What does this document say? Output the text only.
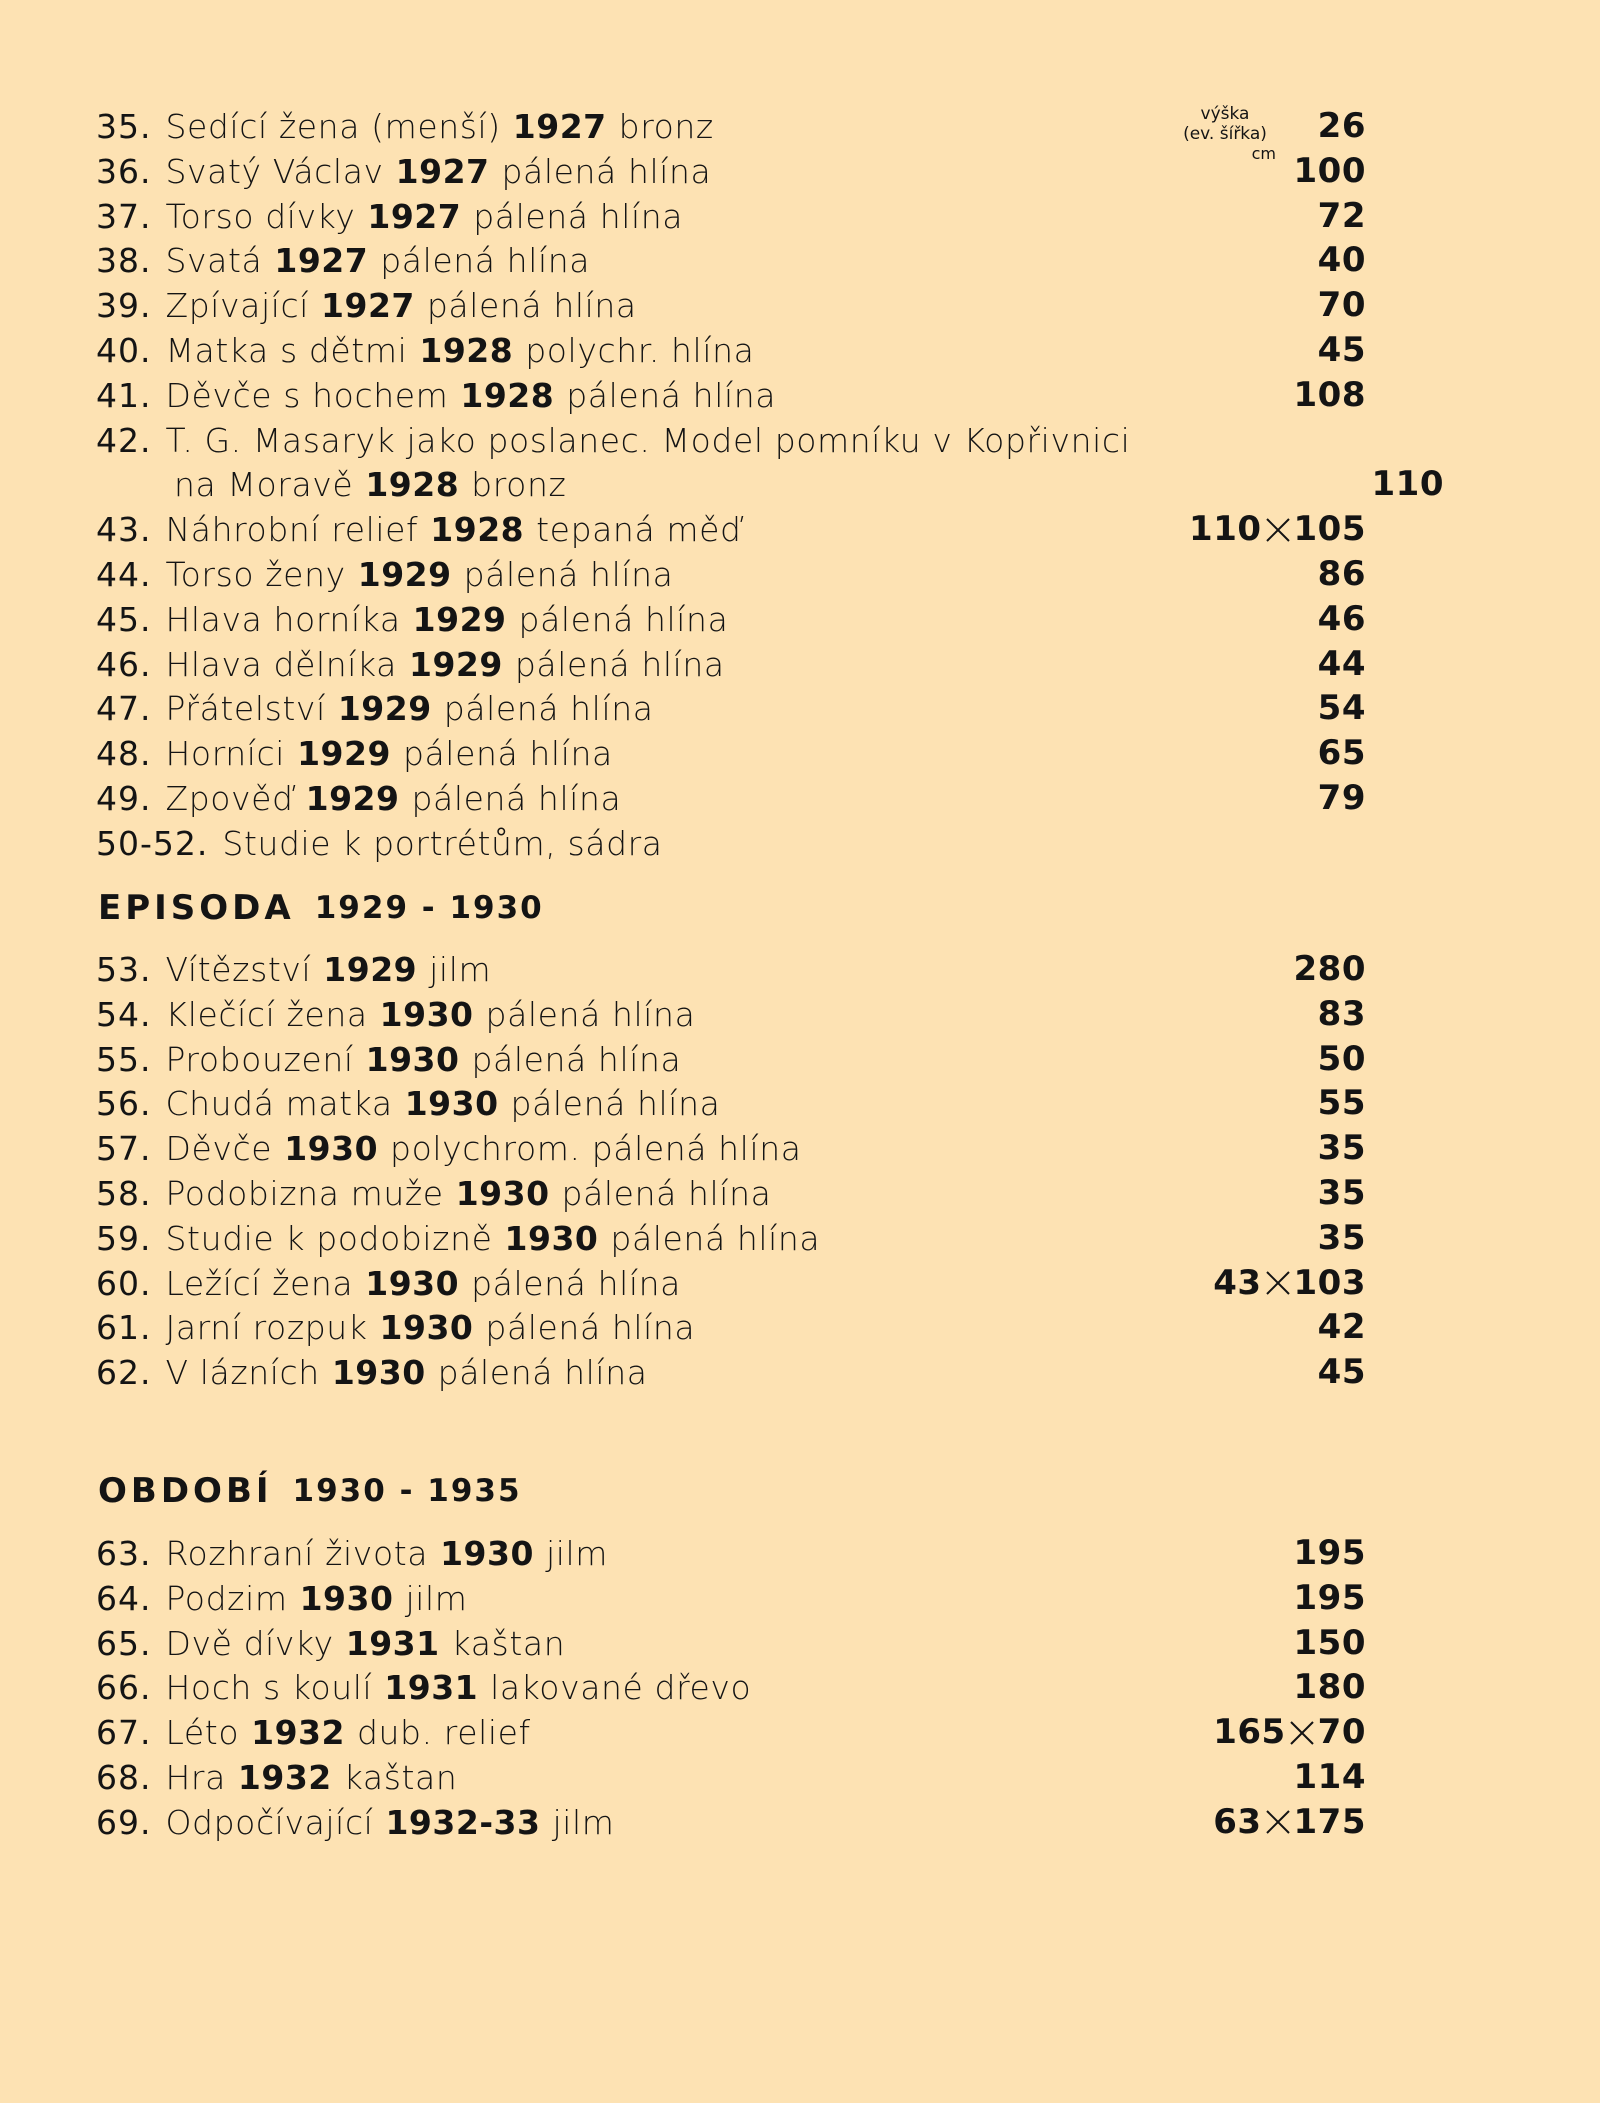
výška
(ev. šířka)
cm
35. Sedící žena (menší) 1927 bronz	26
36. Svatý Václav 1927 pálená hlína	100
37. Torso dívky 1927 pálená hlína	72
38. Svatá 1927 pálená hlína	40
39. Zpívající 1927 pálená hlína	70
40. Matka s dětmi 1928 polychr. hlína	45
41. Děvče s hochem 1928 pálená hlína	108
42. T. G. Masaryk jako poslanec. Model pomníku v Kopřivnici
na Moravě 1928 bronz	110
43. Náhrobní relief 1928 tepaná měď	110 105
44. Torso ženy 1929 pálená hlína	86
45. Hlava horníka 1929 pálená hlína	46
46. Hlava dělníka 1929 pálená hlína	44
47. Přátelství 1929 pálená hlína	54
48. Horníci 1929 pálená hlína	65
49. Zpověď 1929 pálená hlína	79
50-52. Studie k portrétům, sádra
EPISODA 1929 - 1930
53. Vítězství 1929 jilm	280
54. Klečící žena 1930 pálená hlína	83
55. Probouzení 1930 pálená hlína	50
56. Chudá matka 1930 pálená hlína	55
57. Děvče 1930 polychrom. pálená hlína	35
58. Podobizna muže 1930 pálená hlína	35
59. Studie k podobizně 1930 pálená hlína	35
60. Ležící žena 1930 pálená hlína	43 103
61. Jarní rozpuk 1930 pálená hlína	42
62. V lázních 1930 pálená hlína	45
OBDOBÍ 1930 - 1935
63. Rozhraní života 1930 jilm	195
64. Podzim 1930 jilm	195
65. Dvě dívky 1931 kaštan	150
66. Hoch s koulí 1931 lakované dřevo	180
67. Léto 1932 dub. relief	165 70
68. Hra 1932 kaštan	114
69. Odpočívající 1932-33 jilm	63 175
